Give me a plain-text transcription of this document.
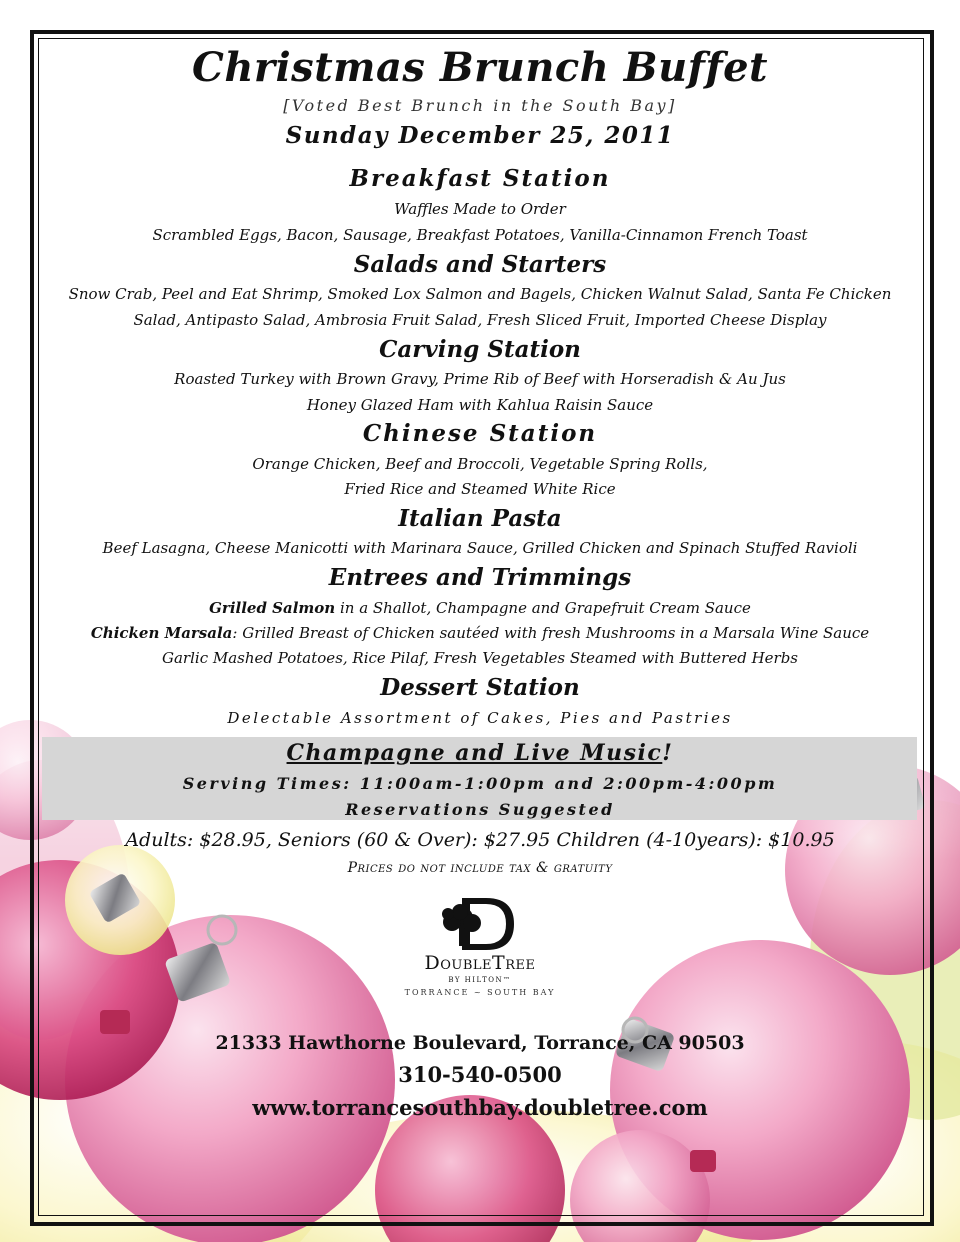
Christmas Brunch Buffet

[Voted Best Brunch in the South Bay]

Sunday December 25, 2011

Breakfast Station

Waffles Made to Order

Scrambled Eggs, Bacon, Sausage, Breakfast Potatoes, Vanilla-Cinnamon French Toast

Salads and Starters

Snow Crab, Peel and Eat Shrimp, Smoked Lox Salmon and Bagels, Chicken Walnut Salad, Santa Fe Chicken

Salad, Antipasto Salad, Ambrosia Fruit Salad, Fresh Sliced Fruit, Imported Cheese Display

Carving Station

Roasted Turkey with Brown Gravy, Prime Rib of Beef with Horseradish & Au Jus

Honey Glazed Ham with Kahlua Raisin Sauce

Chinese Station

Orange Chicken, Beef and Broccoli, Vegetable Spring Rolls,

Fried Rice and Steamed White Rice

Italian Pasta

Beef Lasagna, Cheese Manicotti with Marinara Sauce, Grilled Chicken and Spinach Stuffed Ravioli

Entrees and Trimmings

Grilled Salmon in a Shallot, Champagne and Grapefruit Cream Sauce

Chicken Marsala: Grilled Breast of Chicken sautéed with fresh Mushrooms in a Marsala Wine Sauce

Garlic Mashed Potatoes, Rice Pilaf, Fresh Vegetables Steamed with Buttered Herbs

Dessert Station

Delectable Assortment of Cakes, Pies and Pastries

Champagne and Live Music!

Serving Times: 11:00am-1:00pm and 2:00pm-4:00pm

Reservations Suggested

Adults: $28.95, Seniors (60 & Over): $27.95 Children (4-10years): $10.95

Prices do not include tax & gratuity

DoubleTree

BY HILTON™

TORRANCE ~ SOUTH BAY

21333 Hawthorne Boulevard, Torrance, CA 90503

310-540-0500

www.torrancesouthbay.doubletree.com
